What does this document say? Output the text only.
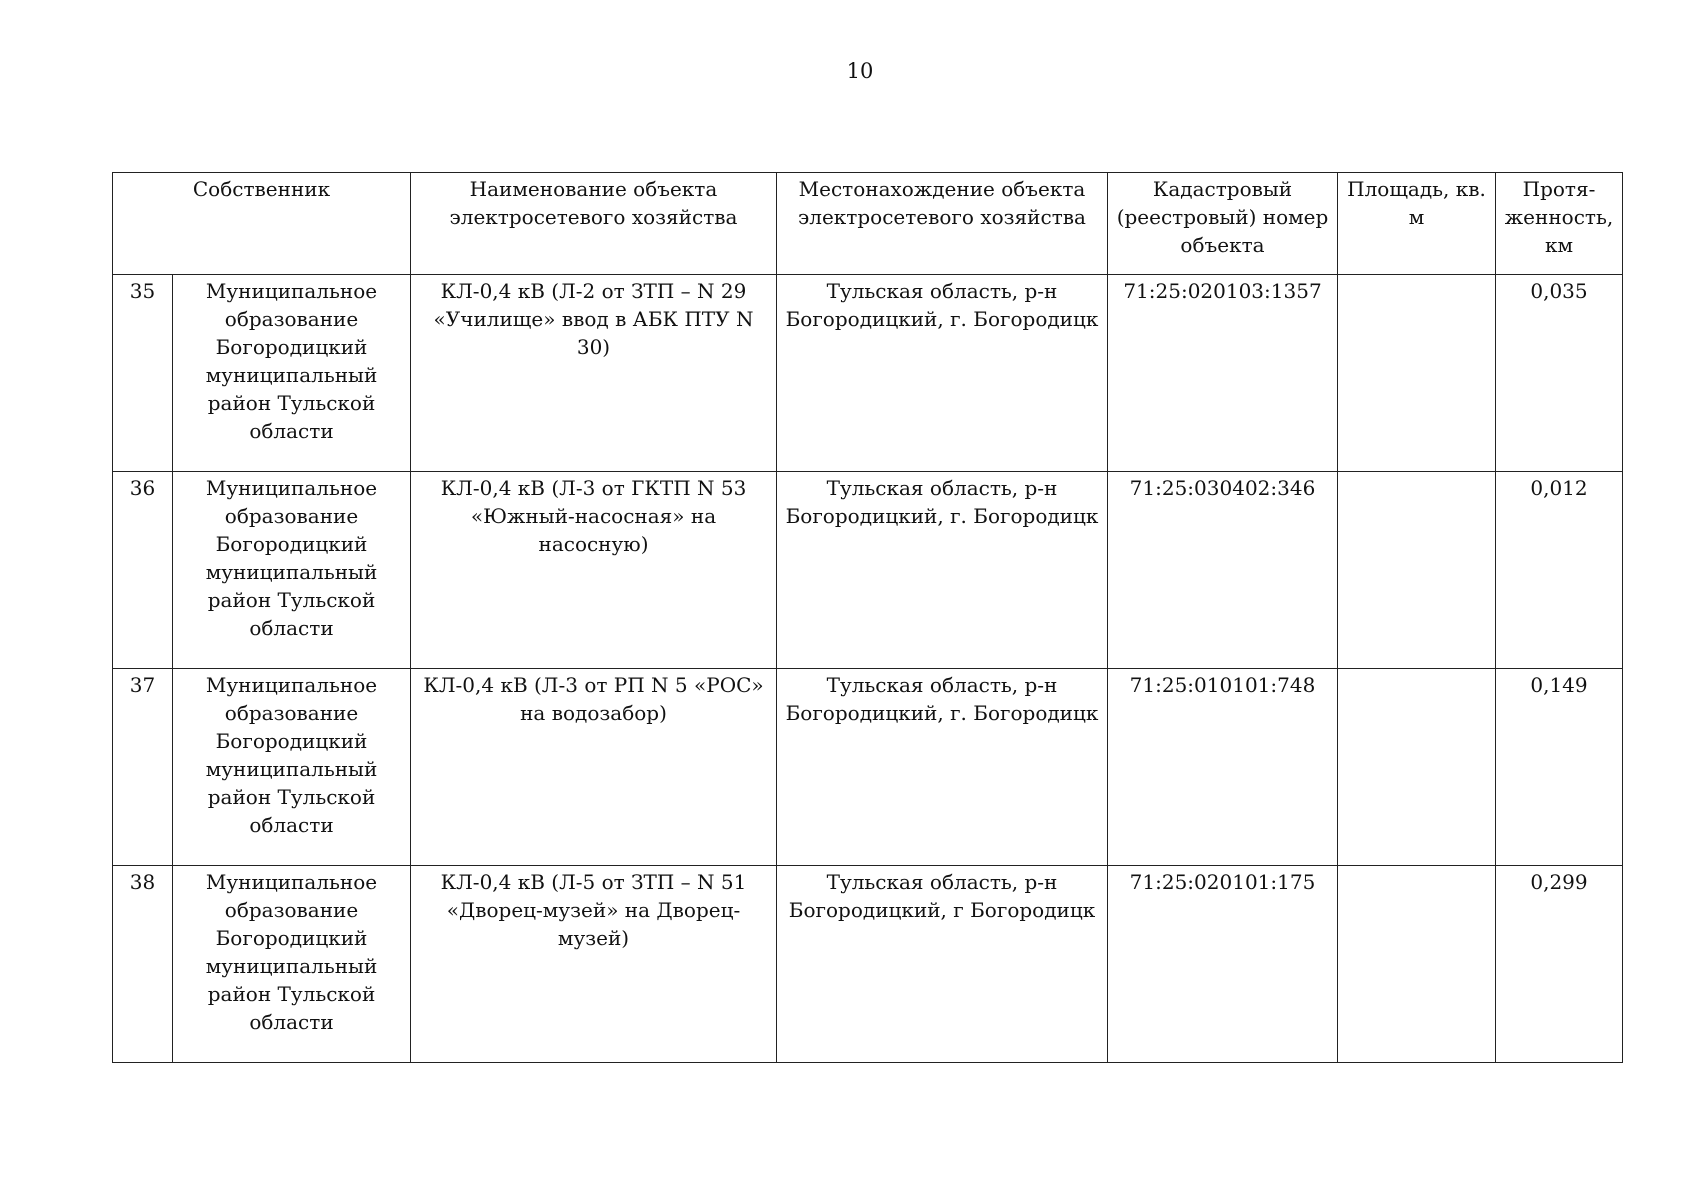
10
Собственник		Наименование объекта электросетевого хозяйства	Местонахождение объекта электросетевого хозяйства	Кадастровый (реестровый) номер объекта	Площадь, кв. м	Протя-женность, км
35	Муниципальное образование Богородицкий муниципальный район Тульской области	КЛ-0,4 кВ (Л-2 от ЗТП – N 29 «Училище» ввод в АБК ПТУ N 30)	Тульская область, р-н Богородицкий, г. Богородицк	71:25:020103:1357		0,035
36	Муниципальное образование Богородицкий муниципальный район Тульской области	КЛ-0,4 кВ (Л-3 от ГКТП N 53 «Южный-насосная» на насосную)	Тульская область, р-н Богородицкий, г. Богородицк	71:25:030402:346		0,012
37	Муниципальное образование Богородицкий муниципальный район Тульской области	КЛ-0,4 кВ (Л-3 от РП N 5 «РОС» на водозабор)	Тульская область, р-н Богородицкий, г. Богородицк	71:25:010101:748		0,149
38	Муниципальное образование Богородицкий муниципальный район Тульской области	КЛ-0,4 кВ (Л-5 от ЗТП – N 51 «Дворец-музей» на Дворец-музей)	Тульская область, р-н Богородицкий, г Богородицк	71:25:020101:175		0,299
